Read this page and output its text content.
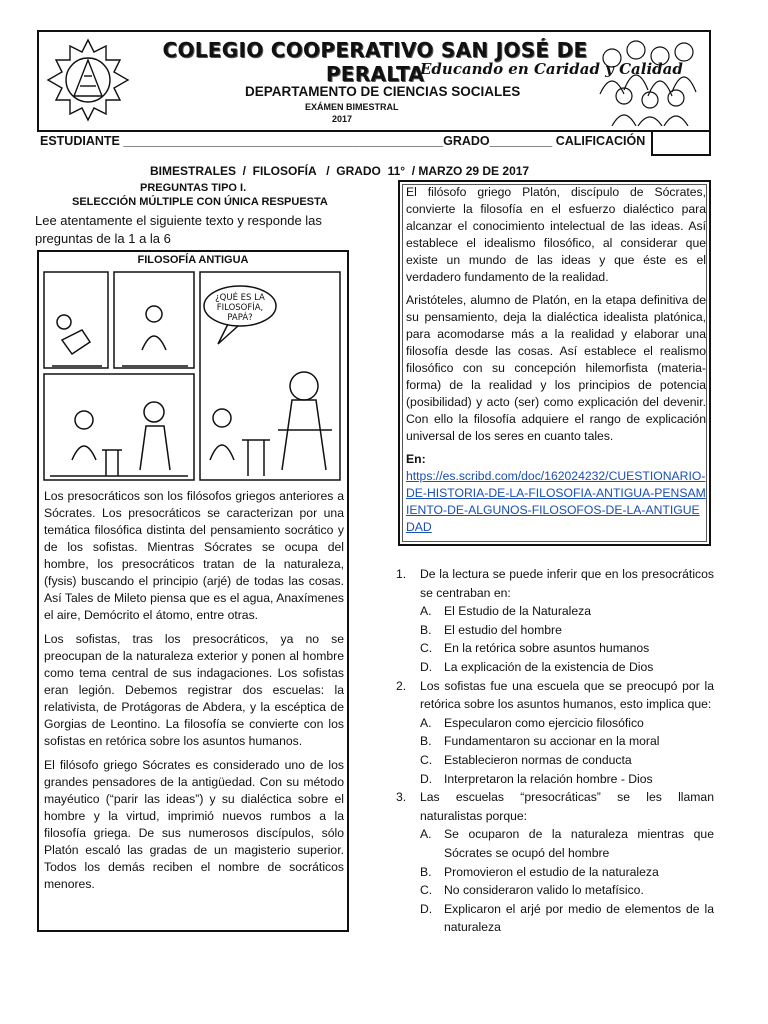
COLEGIO COOPERATIVO SAN JOSÉ DE PERALTA
Educando en Caridad y Calidad
DEPARTAMENTO DE CIENCIAS SOCIALES
EXÁMEN BIMESTRAL
2017
ESTUDIANTE ______________________________________________GRADO_________ CALIFICACIÓN
BIMESTRALES  /  FILOSOFÍA   /  GRADO  11°  / MARZO 29 DE 2017
PREGUNTAS TIPO I.
SELECCIÓN MÚLTIPLE CON ÚNICA RESPUESTA
Lee atentamente el siguiente texto y responde las preguntas de la 1 a la 6
FILOSOFÍA ANTIGUA
¿QUÉ ES LA
FILOSOFÍA,
PAPÁ?

Los presocráticos son los filósofos griegos anteriores a Sócrates. Los presocráticos se caracterizan por una temática filosófica distinta del pensamiento socrático y de los sofistas. Mientras Sócrates se ocupa del hombre, los presocráticos tratan de la naturaleza, (fysis) buscando el principio (arjé) de todas las cosas. Así Tales de Mileto piensa que es el agua, Anaxímenes el aire, Demócrito el átomo, entre otras.

Los sofistas, tras los presocráticos, ya no se preocupan de la naturaleza exterior y ponen al hombre como tema central de sus indagaciones. Los sofistas eran legión. Debemos registrar dos escuelas: la relativista, de Protágoras de Abdera, y la escéptica de Gorgias de Leontino. La filosofía se convierte con los sofistas en retórica sobre los asuntos humanos.

El filósofo griego Sócrates es considerado uno de los grandes pensadores de la antigüedad. Con su método mayéutico (“parir las ideas”) y su dialéctica sobre el hombre y la virtud, imprimió nuevos rumbos a la filosofía griega. De sus numerosos discípulos, sólo Platón escaló las gradas de un magisterio superior. Todos los demás reciben el nombre de socráticos menores.

El filósofo griego Platón, discípulo de Sócrates, convierte la filosofía en el esfuerzo dialéctico para alcanzar el conocimiento intelectual de las ideas. Así establece el idealismo filosófico, al considerar que existe un mundo de las ideas y que éste es el verdadero fundamento de la realidad.

Aristóteles, alumno de Platón, en la etapa definitiva de su pensamiento, deja la dialéctica idealista platónica, para acomodarse más a la realidad y elaborar una filosofía desde las cosas. Así establece el realismo filosófico con su concepción hilemorfista (materia-forma) de la realidad y los principios de potencia (posibilidad) y acto (ser) como explicación del devenir. Con ello la filosofía adquiere el rango de explicación universal de los seres en cuanto tales.

En:

https://es.scribd.com/doc/162024232/CUESTIONARIO-DE-HISTORIA-DE-LA-FILOSOFIA-ANTIGUA-PENSAMIENTO-DE-ALGUNOS-FILOSOFOS-DE-LA-ANTIGUEDAD

1. De la lectura se puede inferir que en los presocráticos se centraban en:
A. El Estudio de la Naturaleza
B. El estudio del hombre
C. En la retórica sobre asuntos humanos
D. La explicación de la existencia de Dios
2. Los sofistas fue una escuela que se preocupó por la retórica sobre los asuntos humanos, esto implica que:
A. Especularon como ejercicio filosófico
B. Fundamentaron su accionar en la moral
C. Establecieron normas de conducta
D. Interpretaron la relación hombre - Dios
3. Las escuelas “presocráticas” se les llaman naturalistas porque:
A. Se ocuparon de la naturaleza mientras que Sócrates se ocupó del hombre
B. Promovieron el estudio de la naturaleza
C. No consideraron valido lo metafísico.
D. Explicaron el arjé por medio de elementos de la naturaleza
